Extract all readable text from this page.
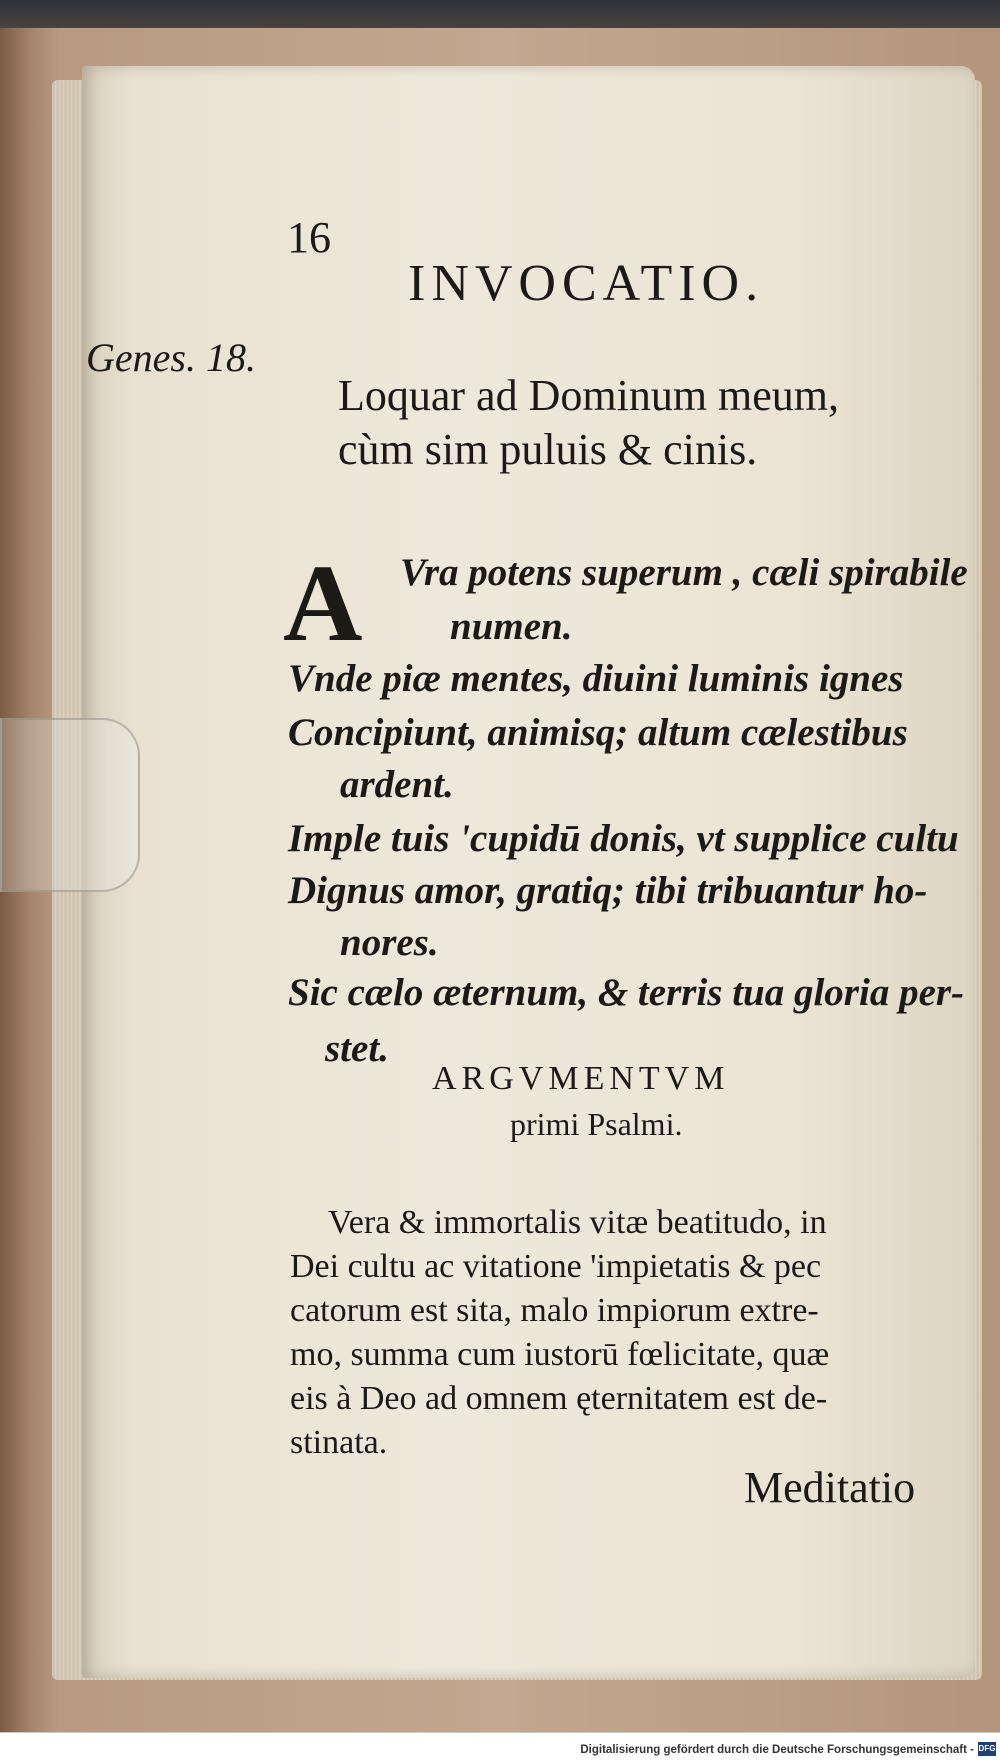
16
INVOCATIO.
Genes. 18.
Loquar ad Dominum meum,
cùm sim puluis & cinis.
A Vra potens superum , cæli spirabile
numen.
Vnde piæ mentes, diuini luminis ignes
Concipiunt, animisq; altum cælestibus
ardent.
Imple tuis 'cupidū donis, vt supplice cultu
Dignus amor, gratiq; tibi tribuantur ho-
nores.
Sic cælo æternum, & terris tua gloria per-
stet.
ARGVMENTVM
primi Psalmi.
Vera & immortalis vitæ beatitudo, in
Dei cultu ac vitatione 'impietatis & pec
catorum est sita, malo impiorum extre-
mo, summa cum iustorū fœlicitate, quæ
eis à Deo ad omnem ęternitatem est de-
stinata.
Meditatio
Digitalisierung gefördert durch die Deutsche Forschungsgemeinschaft - DFG
